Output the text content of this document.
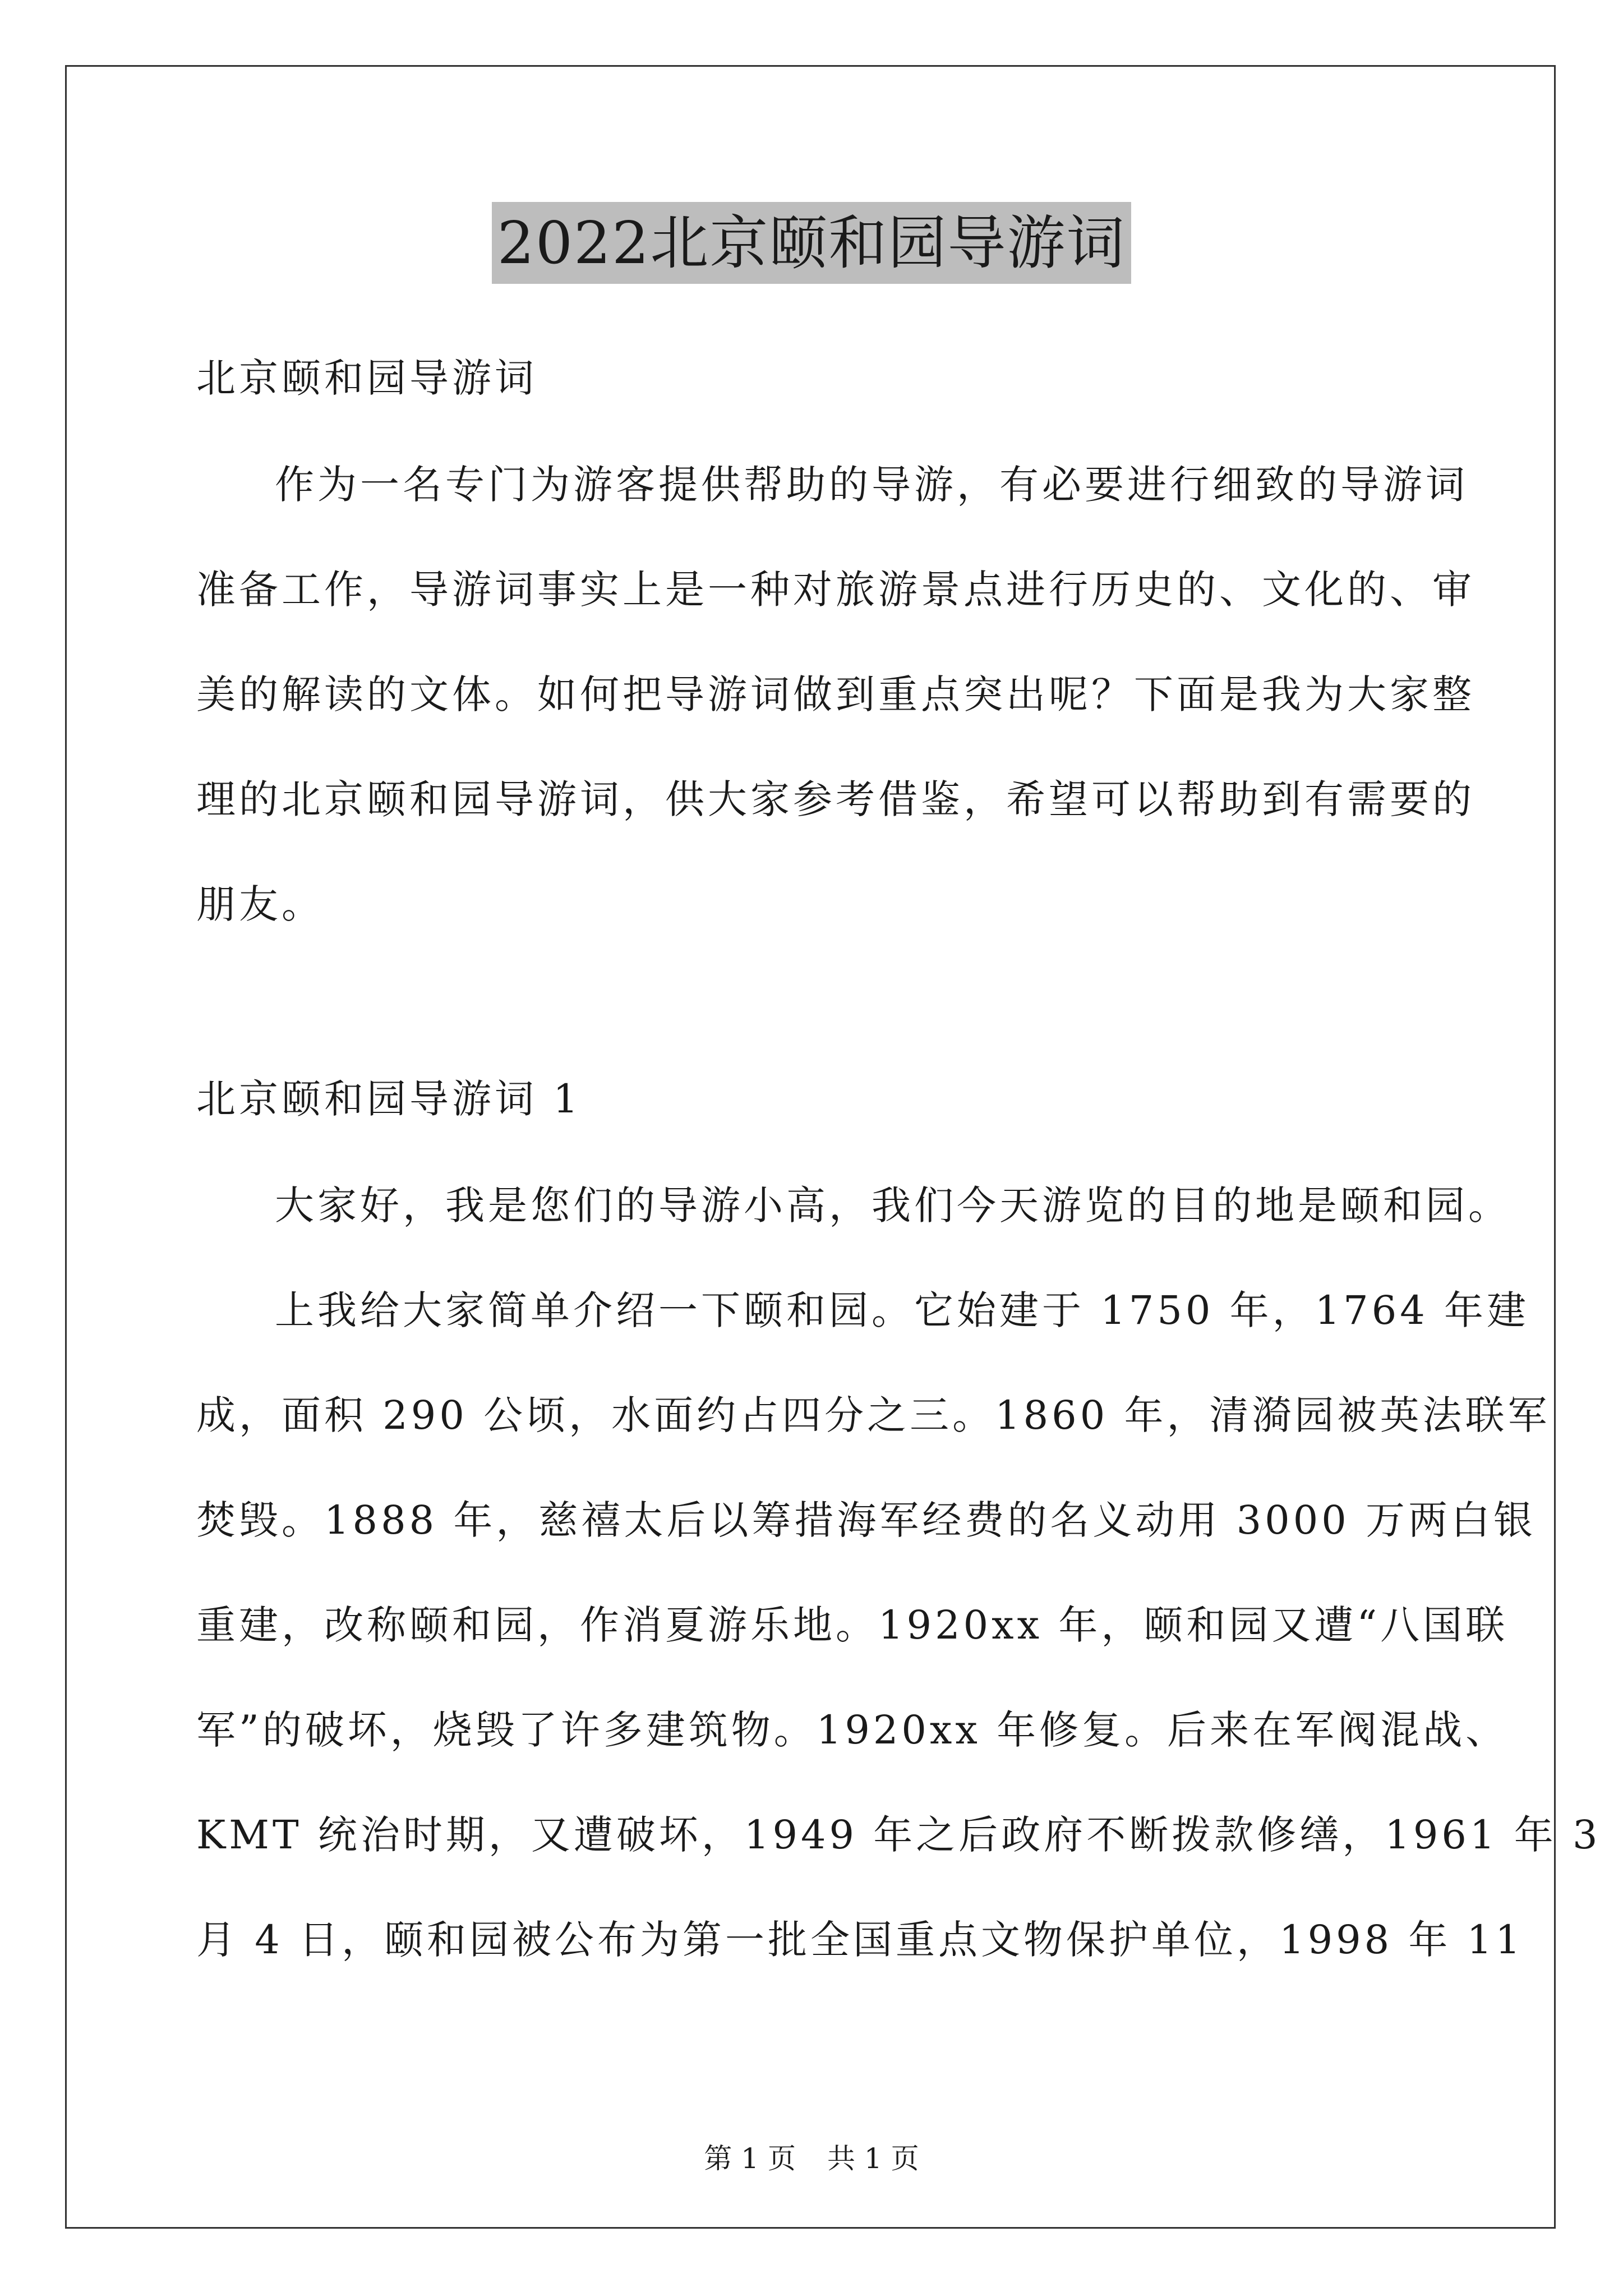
2022北京颐和园导游词
北京颐和园导游词
作为一名专门为游客提供帮助的导游，有必要进行细致的导游词
准备工作，导游词事实上是一种对旅游景点进行历史的、文化的、审
美的解读的文体。如何把导游词做到重点突出呢？下面是我为大家整
理的北京颐和园导游词，供大家参考借鉴，希望可以帮助到有需要的
朋友。
北京颐和园导游词 1
大家好，我是您们的导游小高，我们今天游览的目的地是颐和园。
上我给大家简单介绍一下颐和园。它始建于 1750 年，1764 年建
成，面积 290 公顷，水面约占四分之三。1860 年，清漪园被英法联军
焚毁。1888 年，慈禧太后以筹措海军经费的名义动用 3000 万两白银
重建，改称颐和园，作消夏游乐地。1920xx 年，颐和园又遭“八国联
军”的破坏，烧毁了许多建筑物。1920xx 年修复。后来在军阀混战、
KMT 统治时期，又遭破坏，1949 年之后政府不断拨款修缮，1961 年 3
月 4 日，颐和园被公布为第一批全国重点文物保护单位，1998 年 11
第 1 页 共 1 页
